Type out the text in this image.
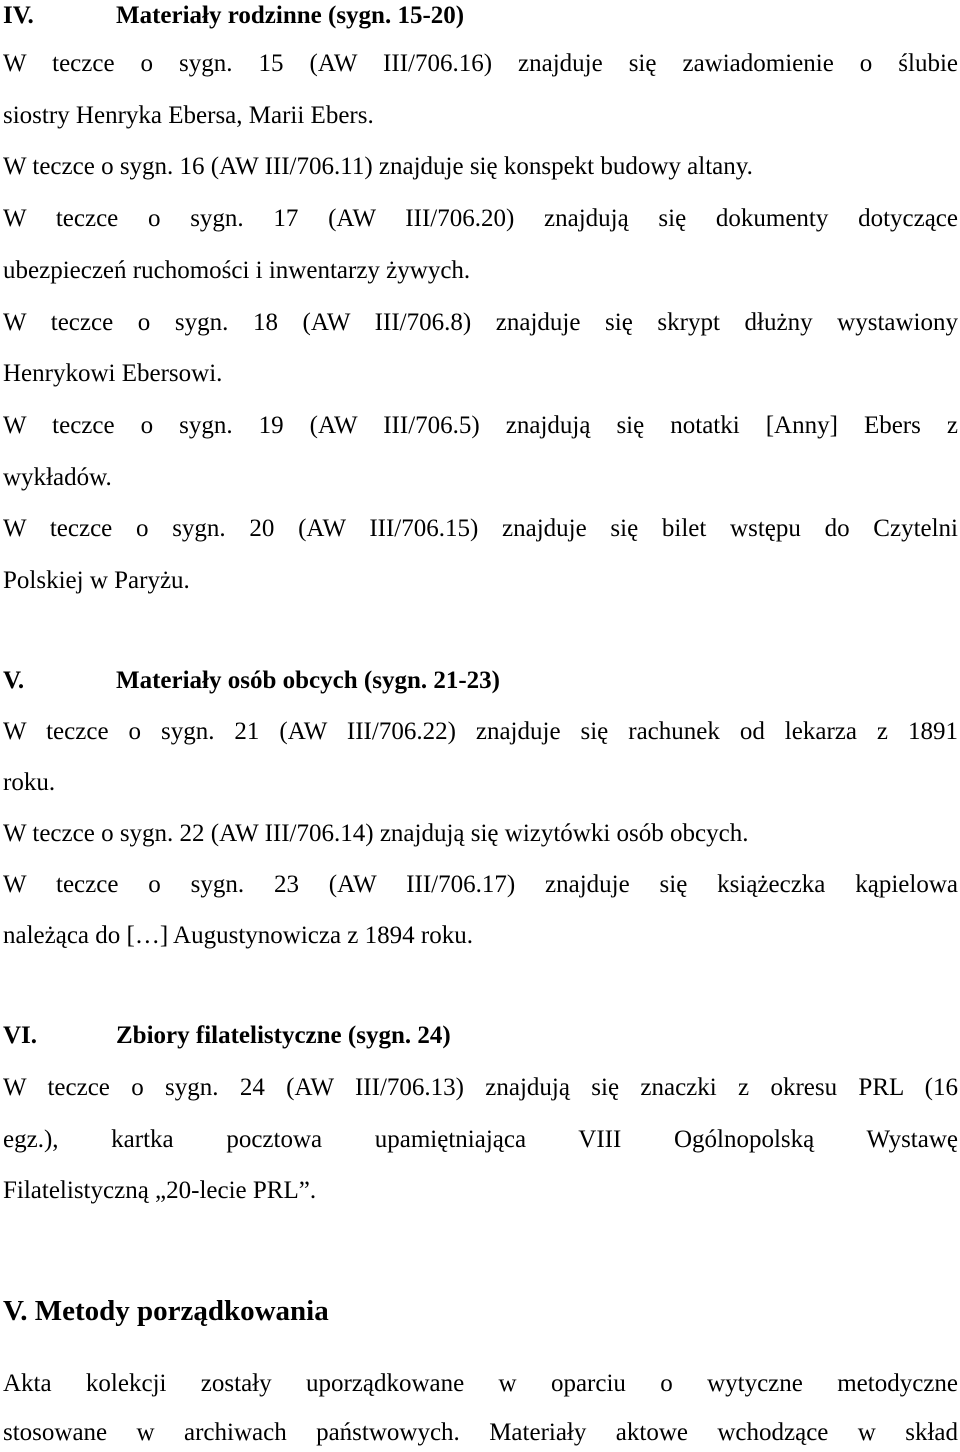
IV.	Materiały rodzinne (sygn. 15-20)
W teczce o sygn. 15 (AW III/706.16) znajduje się zawiadomienie o ślubie
siostry Henryka Ebersa, Marii Ebers.
W teczce o sygn. 16 (AW III/706.11) znajduje się konspekt budowy altany.
W teczce o sygn. 17 (AW III/706.20) znajdują się dokumenty dotyczące
ubezpieczeń ruchomości i inwentarzy żywych.
W teczce o sygn. 18 (AW III/706.8) znajduje się skrypt dłużny wystawiony
Henrykowi Ebersowi.
W teczce o sygn. 19 (AW III/706.5) znajdują się notatki [Anny] Ebers z
wykładów.
W teczce o sygn. 20 (AW III/706.15) znajduje się bilet wstępu do Czytelni
Polskiej w Paryżu.
V.	Materiały osób obcych (sygn. 21-23)
W teczce o sygn. 21 (AW III/706.22) znajduje się rachunek od lekarza z 1891
roku.
W teczce o sygn. 22 (AW III/706.14) znajdują się wizytówki osób obcych.
W teczce o sygn. 23 (AW III/706.17) znajduje się książeczka kąpielowa
należąca do […] Augustynowicza z 1894 roku.
VI.	Zbiory filatelistyczne (sygn. 24)
W teczce o sygn. 24 (AW III/706.13) znajdują się znaczki z okresu PRL (16
egz.), kartka pocztowa upamiętniająca VIII Ogólnopolską Wystawę
Filatelistyczną „20-lecie PRL”.
V. Metody porządkowania
Akta kolekcji zostały uporządkowane w oparciu o wytyczne metodyczne
stosowane w archiwach państwowych. Materiały aktowe wchodzące w skład
